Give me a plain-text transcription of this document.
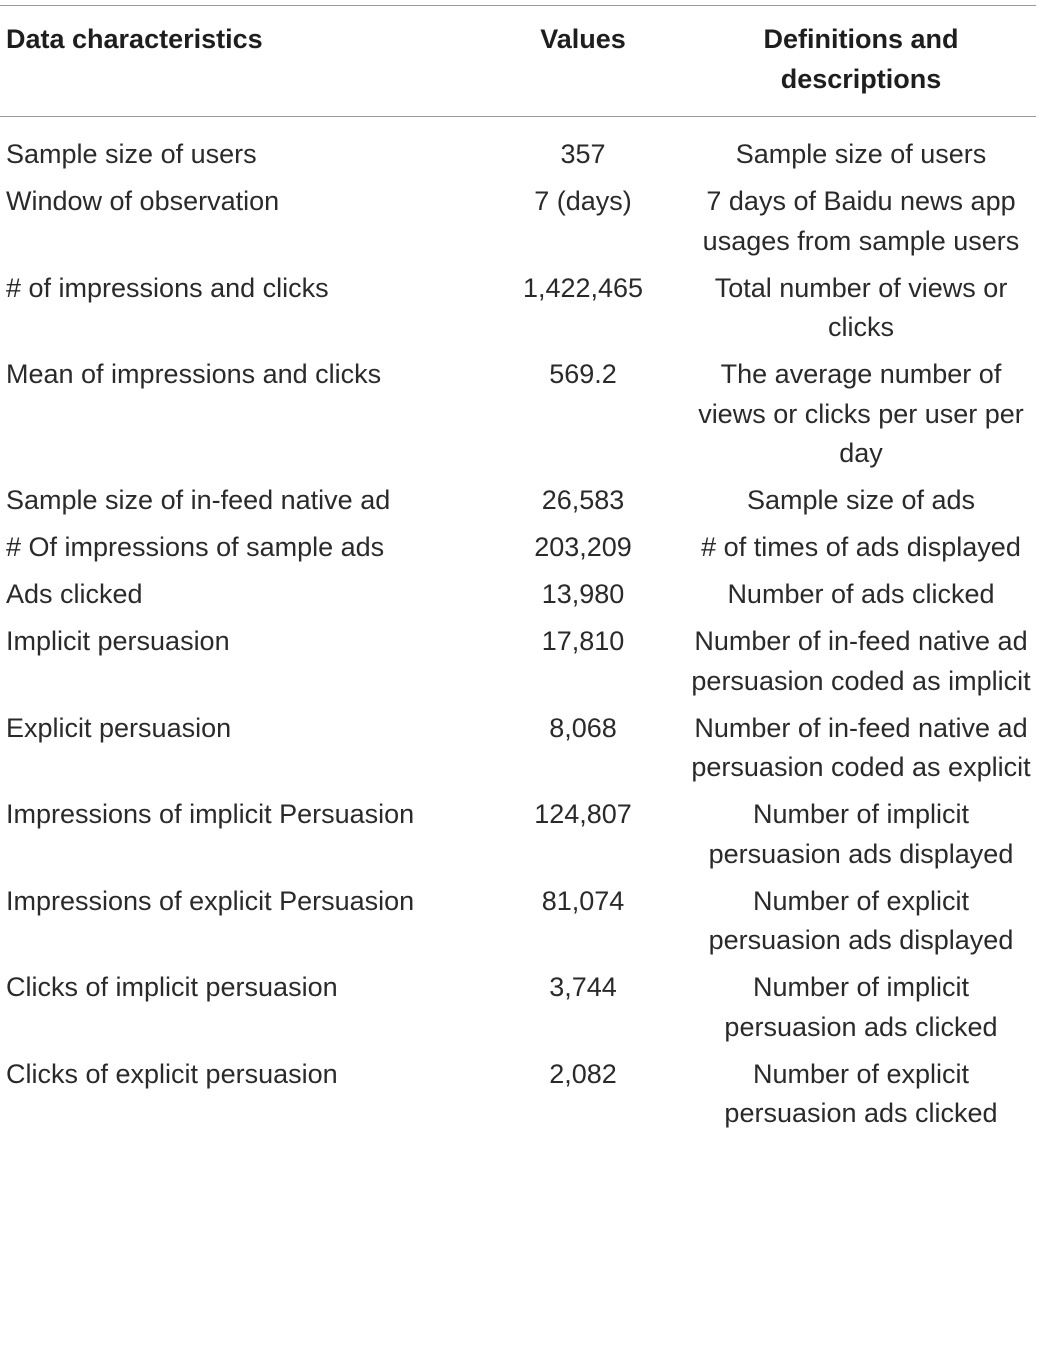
Data characteristics	Values	Definitions and descriptions

Sample size of users	357	Sample size of users
Window of observation	7 (days)	7 days of Baidu news app usages from sample users
# of impressions and clicks	1,422,465	Total number of views or clicks
Mean of impressions and clicks	569.2	The average number of views or clicks per user per day
Sample size of in-feed native ad	26,583	Sample size of ads
# Of impressions of sample ads	203,209	# of times of ads displayed
Ads clicked	13,980	Number of ads clicked
Implicit persuasion	17,810	Number of in-feed native ad persuasion coded as implicit
Explicit persuasion	8,068	Number of in-feed native ad persuasion coded as explicit
Impressions of implicit Persuasion	124,807	Number of implicit persuasion ads displayed
Impressions of explicit Persuasion	81,074	Number of explicit persuasion ads displayed
Clicks of implicit persuasion	3,744	Number of implicit persuasion ads clicked
Clicks of explicit persuasion	2,082	Number of explicit persuasion ads clicked
